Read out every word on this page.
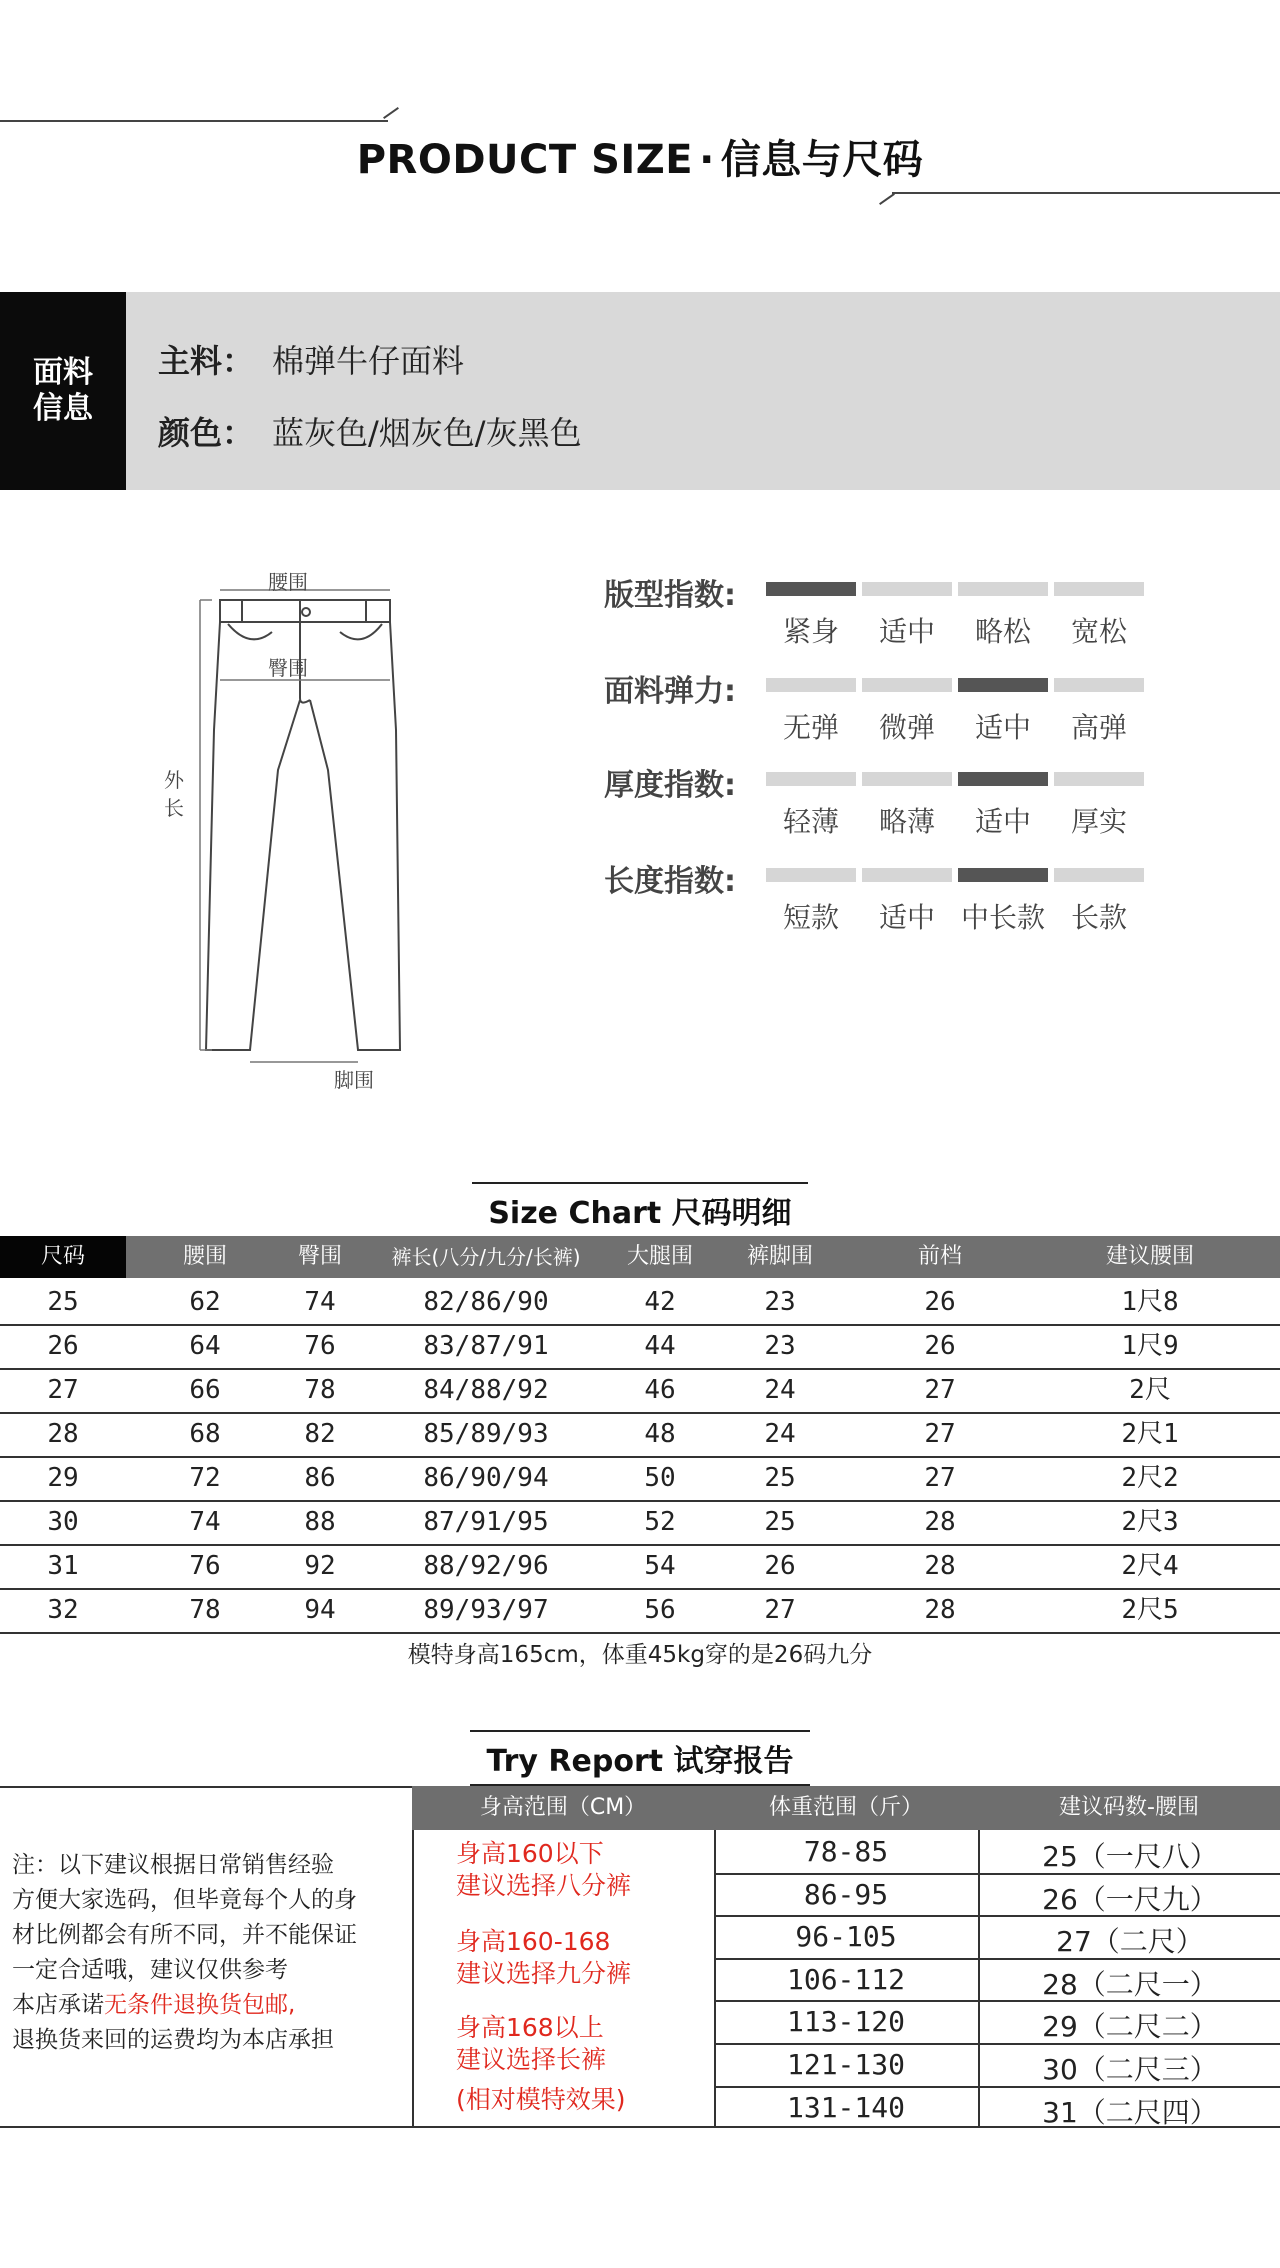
PRODUCT SIZE · 信息与尺码
面料信息
主料： 棉弹牛仔面料
颜色： 蓝灰色/烟灰色/灰黑色
腰围
臀围
外长
脚围
版型指数:
紧身	适中	略松	宽松
面料弹力:
无弹	微弹	适中	高弹
厚度指数:
轻薄	略薄	适中	厚实
长度指数:
短款	适中 中长款 长款
Size Chart 尺码明细
尺码	腰围	臀围	裤长(八分/九分/长裤)	大腿围	裤脚围	前档	建议腰围
25	62	74	82/86/90	42	23	26	1尺8
26	64	76	83/87/91	44	23	26	1尺9
27	66	78	84/88/92	46	24	27	2尺
28	68	82	85/89/93	48	24	27	2尺1
29	72	86	86/90/94	50	25	27	2尺2
30	74	88	87/91/95	52	25	28	2尺3
31	76	92	88/92/96	54	26	28	2尺4
32	78	94	89/93/97	56	27	28	2尺5
模特身高165cm，体重45kg穿的是26码九分
Try Report 试穿报告
身高范围（CM）	体重范围（斤）	建议码数-腰围
注：以下建议根据日常销售经验
方便大家选码，但毕竟每个人的身
材比例都会有所不同，并不能保证
一定合适哦，建议仅供参考
本店承诺无条件退换货包邮,
退换货来回的运费均为本店承担
身高160以下
建议选择八分裤
身高160-168
建议选择九分裤
身高168以上
建议选择长裤
(相对模特效果)
78-85	25（一尺八）
86-95	26（一尺九）
96-105	27（二尺）
106-112	28（二尺一）
113-120	29（二尺二）
121-130	30（二尺三）
131-140	31（二尺四）
